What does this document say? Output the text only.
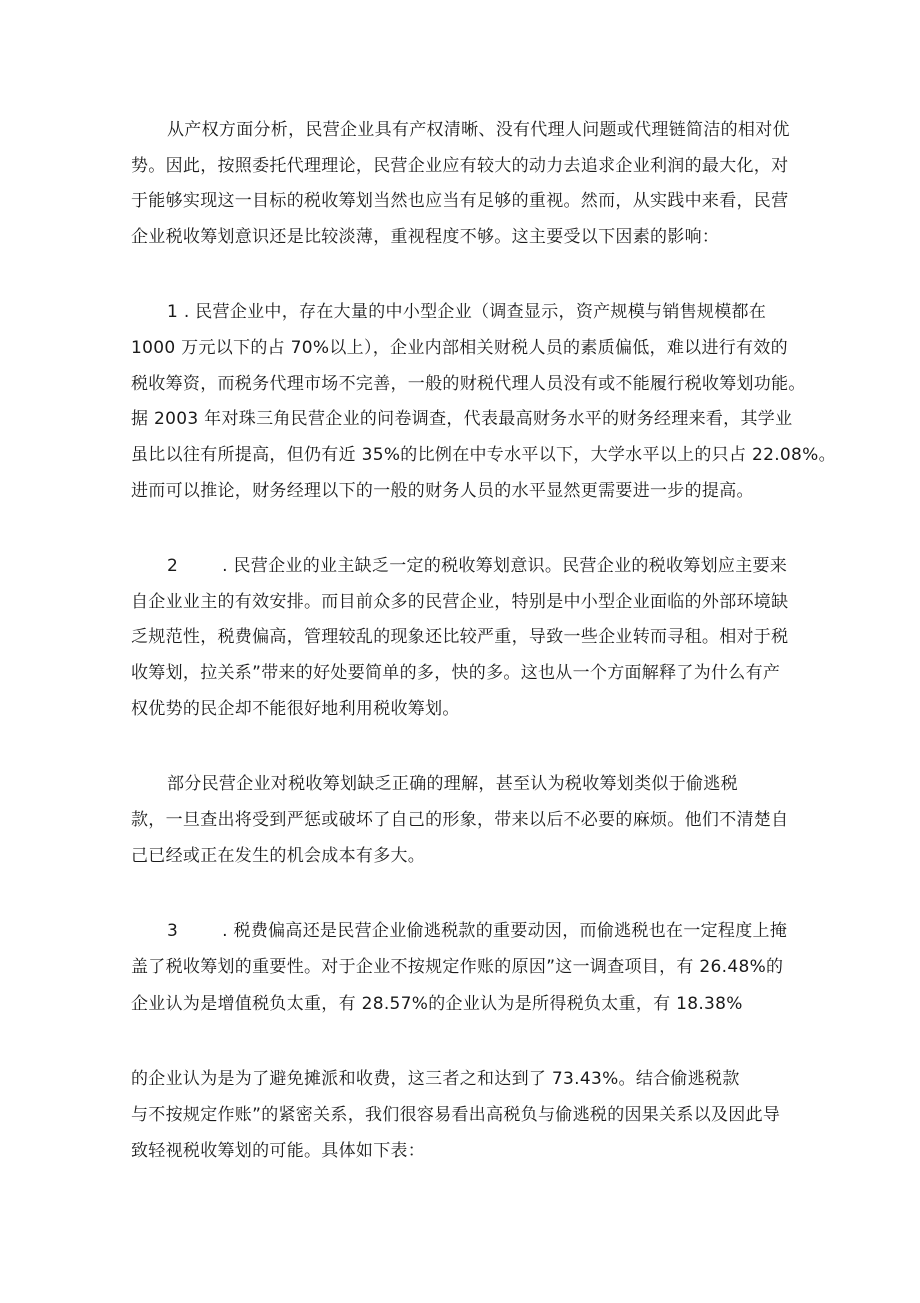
从产权方面分析，民营企业具有产权清晰、没有代理人问题或代理链简洁的相对优
势。因此，按照委托代理理论，民营企业应有较大的动力去追求企业利润的最大化，对
于能够实现这一目标的税收筹划当然也应当有足够的重视。然而，从实践中来看，民营
企业税收筹划意识还是比较淡薄，重视程度不够。这主要受以下因素的影响：
1 . 民营企业中，存在大量的中小型企业（调查显示，资产规模与销售规模都在
1000 万元以下的占 70%以上），企业内部相关财税人员的素质偏低，难以进行有效的
税收筹资，而税务代理市场不完善，一般的财税代理人员没有或不能履行税收筹划功能。
据 2003 年对珠三角民营企业的问卷调查，代表最高财务水平的财务经理来看，其学业
虽比以往有所提高，但仍有近 35%的比例在中专水平以下，大学水平以上的只占 22.08%。
进而可以推论，财务经理以下的一般的财务人员的水平显然更需要进一步的提高。
2	. 民营企业的业主缺乏一定的税收筹划意识。民营企业的税收筹划应主要来
自企业业主的有效安排。而目前众多的民营企业，特别是中小型企业面临的外部环境缺
乏规范性，税费偏高，管理较乱的现象还比较严重，导致一些企业转而寻租。相对于税
收筹划，拉关系”带来的好处要简单的多，快的多。这也从一个方面解释了为什么有产
权优势的民企却不能很好地利用税收筹划。
部分民营企业对税收筹划缺乏正确的理解，甚至认为税收筹划类似于偷逃税
款，一旦查出将受到严惩或破坏了自己的形象，带来以后不必要的麻烦。他们不清楚自
己已经或正在发生的机会成本有多大。
3	. 税费偏高还是民营企业偷逃税款的重要动因，而偷逃税也在一定程度上掩
盖了税收筹划的重要性。对于企业不按规定作账的原因”这一调查项目，有 26.48%的
企业认为是增值税负太重，有 28.57%的企业认为是所得税负太重，有 18.38%
的企业认为是为了避免摊派和收费，这三者之和达到了 73.43%。结合偷逃税款
与不按规定作账”的紧密关系，我们很容易看出高税负与偷逃税的因果关系以及因此导
致轻视税收筹划的可能。具体如下表：
